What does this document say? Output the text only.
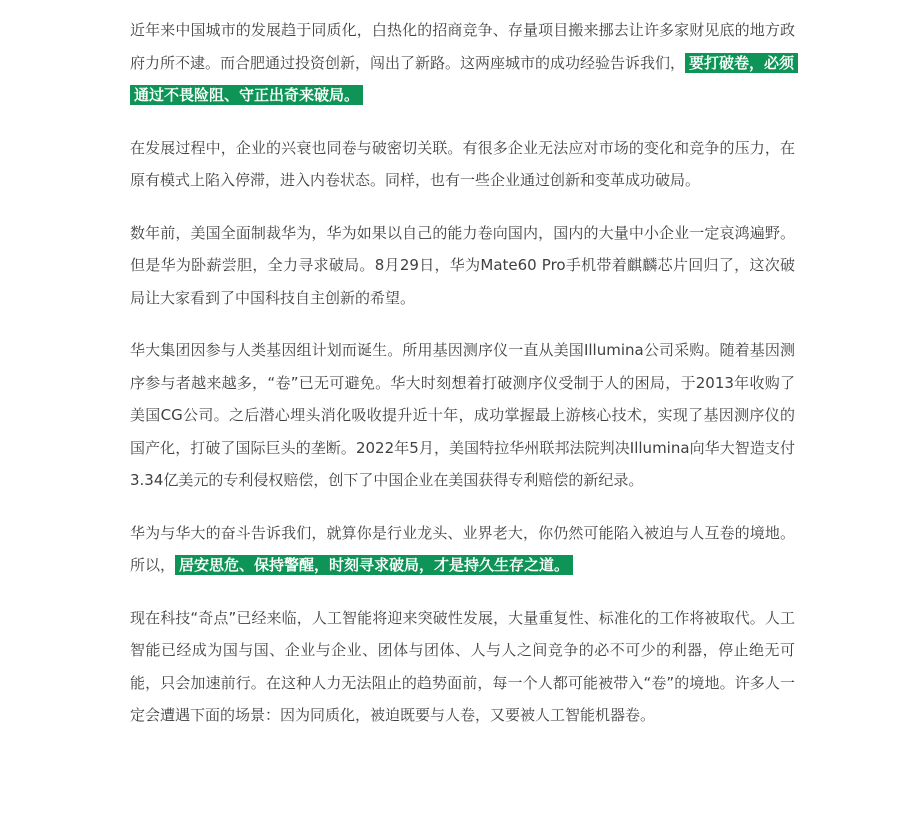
近年来中国城市的发展趋于同质化，白热化的招商竞争、存量项目搬来挪去让许多家财见底的地方政府力所不逮。而合肥通过投资创新，闯出了新路。这两座城市的成功经验告诉我们， 要打破卷，必须通过不畏险阻、守正出奇来破局。

在发展过程中，企业的兴衰也同卷与破密切关联。有很多企业无法应对市场的变化和竞争的压力，在原有模式上陷入停滞，进入内卷状态。同样，也有一些企业通过创新和变革成功破局。

数年前，美国全面制裁华为，华为如果以自己的能力卷向国内，国内的大量中小企业一定哀鸿遍野。但是华为卧薪尝胆，全力寻求破局。8月29日，华为Mate60 Pro手机带着麒麟芯片回归了，这次破局让大家看到了中国科技自主创新的希望。

华大集团因参与人类基因组计划而诞生。所用基因测序仪一直从美国Illumina公司采购。随着基因测序参与者越来越多，“卷”已无可避免。华大时刻想着打破测序仪受制于人的困局，于2013年收购了美国CG公司。之后潜心埋头消化吸收提升近十年，成功掌握最上游核心技术，实现了基因测序仪的国产化，打破了国际巨头的垄断。2022年5月，美国特拉华州联邦法院判决Illumina向华大智造支付3.34亿美元的专利侵权赔偿，创下了中国企业在美国获得专利赔偿的新纪录。

华为与华大的奋斗告诉我们，就算你是行业龙头、业界老大，你仍然可能陷入被迫与人互卷的境地。所以， 居安思危、保持警醒，时刻寻求破局，才是持久生存之道。

现在科技“奇点”已经来临，人工智能将迎来突破性发展，大量重复性、标准化的工作将被取代。人工智能已经成为国与国、企业与企业、团体与团体、人与人之间竞争的必不可少的利器，停止绝无可能，只会加速前行。在这种人力无法阻止的趋势面前，每一个人都可能被带入“卷”的境地。许多人一定会遭遇下面的场景：因为同质化，被迫既要与人卷，又要被人工智能机器卷。
